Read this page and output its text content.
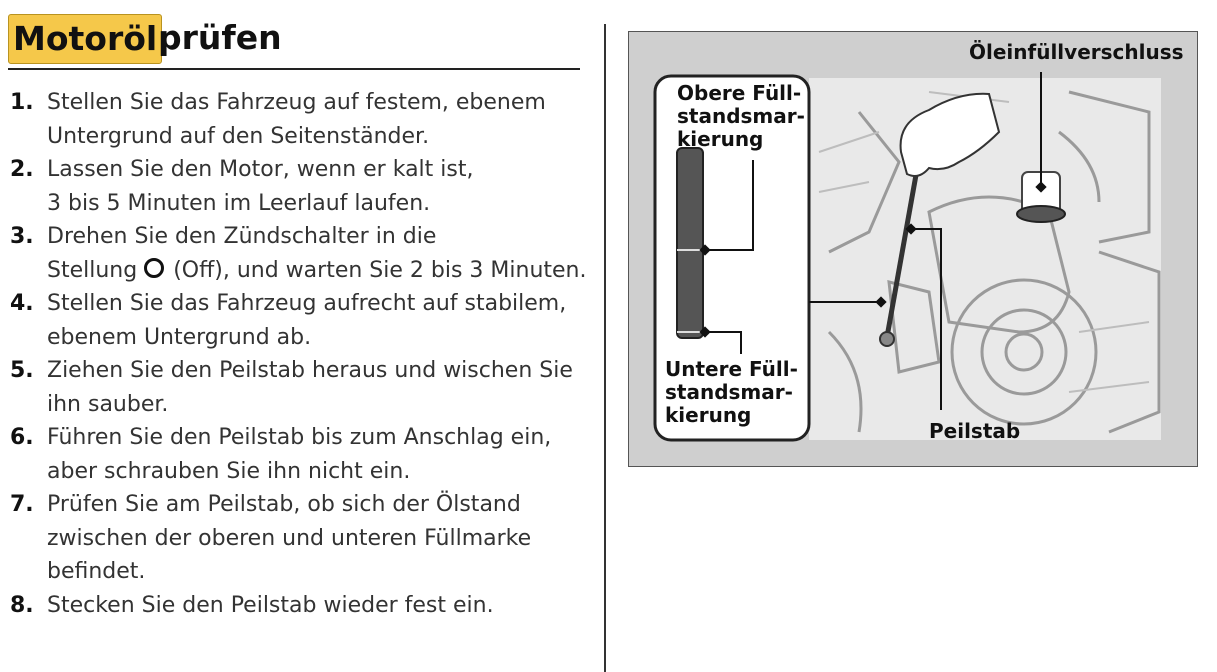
Motoröl prüfen
1. Stellen Sie das Fahrzeug auf festem, ebenem Untergrund auf den Seitenständer.
2. Lassen Sie den Motor, wenn er kalt ist,
3 bis 5 Minuten im Leerlauf laufen.
3. Drehen Sie den Zündschalter in die
Stellung (Off), und warten Sie 2 bis 3 Minuten.
4. Stellen Sie das Fahrzeug aufrecht auf stabilem, ebenem Untergrund ab.
5. Ziehen Sie den Peilstab heraus und wischen Sie ihn sauber.
6. Führen Sie den Peilstab bis zum Anschlag ein, aber schrauben Sie ihn nicht ein.
7. Prüfen Sie am Peilstab, ob sich der Ölstand zwischen der oberen und unteren Füllmarke befindet.
8. Stecken Sie den Peilstab wieder fest ein.
Öleinfüllverschluss
Obere Füll-
standsmar-
kierung
Untere Füll-
standsmar-
kierung
Peilstab
